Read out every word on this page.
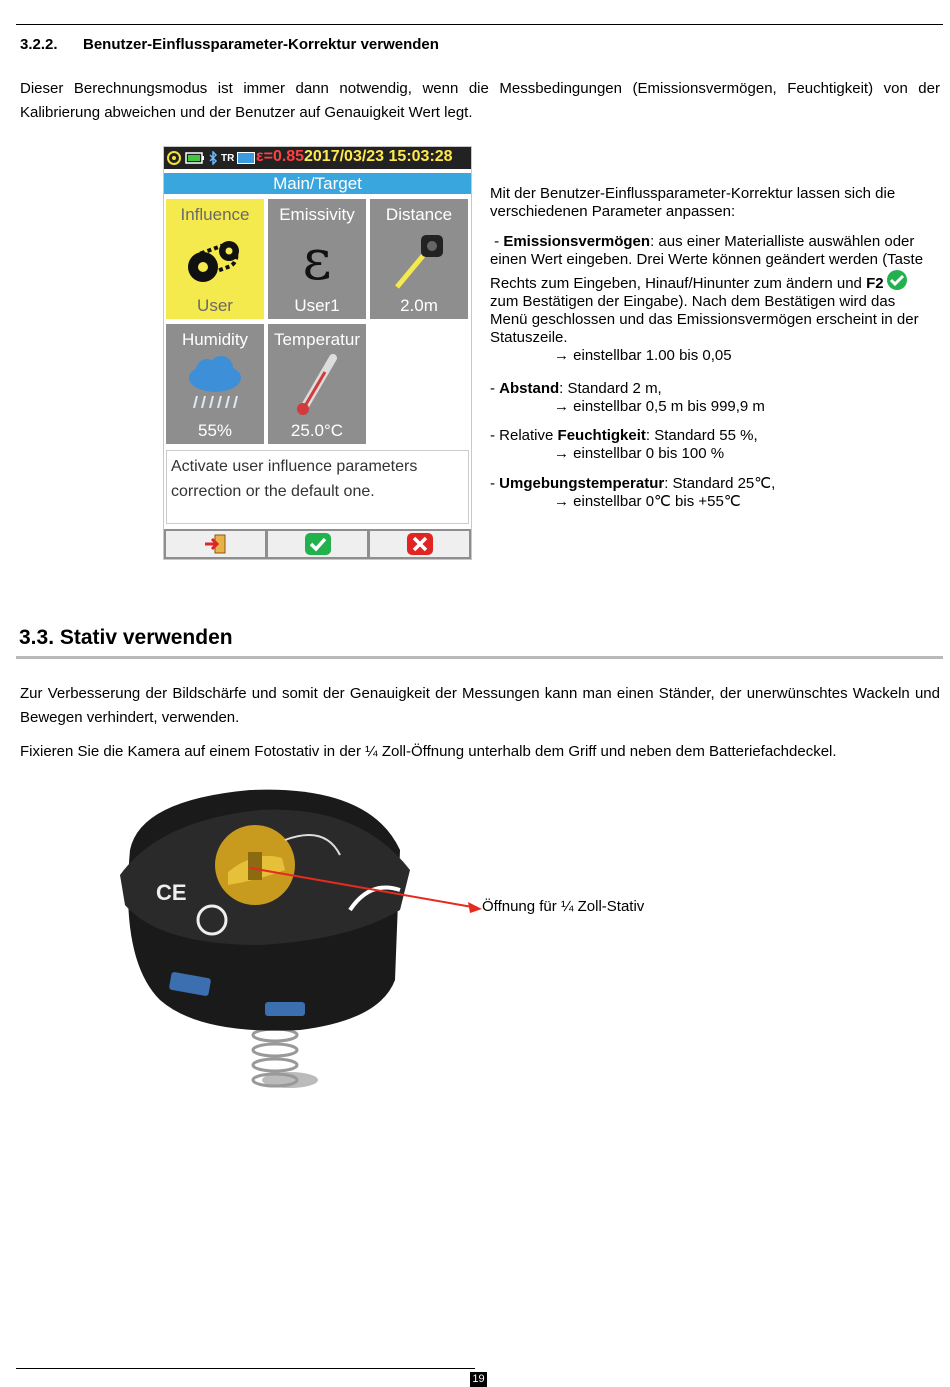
3.2.2. Benutzer-Einflussparameter-Korrektur verwenden
Dieser Berechnungsmodus ist immer dann notwendig, wenn die Messbedingungen (Emissionsvermögen, Feuchtigkeit) von der Kalibrierung abweichen und der Benutzer auf Genauigkeit Wert legt.
TR ε=0.85 2017/03/23 15:03:28
Main/Target
Influence
User
Emissivity
ε
User1
Distance
2.0m
Humidity
55%
Temperatur
25.0°C
Activate user influence parameters correction or the default one.
Mit der Benutzer-Einflussparameter-Korrektur lassen sich die verschiedenen Parameter anpassen:
- Emissionsvermögen: aus einer Materialliste auswählen oder einen Wert eingeben. Drei Werte können geändert werden (Taste Rechts zum Eingeben, Hinauf/Hinunter zum ändern und F2 zum Bestätigen der Eingabe). Nach dem Bestätigen wird das Menü geschlossen und das Emissionsvermögen erscheint in der Statuszeile.
→ einstellbar 1.00 bis 0,05
- Abstand: Standard 2 m,
→ einstellbar 0,5 m bis 999,9 m
- Relative Feuchtigkeit: Standard 55 %,
→ einstellbar 0 bis 100 %
- Umgebungstemperatur: Standard 25℃,
→ einstellbar 0℃ bis +55℃
3.3. Stativ verwenden
Zur Verbesserung der Bildschärfe und somit der Genauigkeit der Messungen kann man einen Ständer, der unerwünschtes Wackeln und Bewegen verhindert, verwenden.
Fixieren Sie die Kamera auf einem Fotostativ in der ¼ Zoll-Öffnung unterhalb dem Griff und neben dem Batteriefachdeckel.
CE
Öffnung für ¼ Zoll-Stativ
19
